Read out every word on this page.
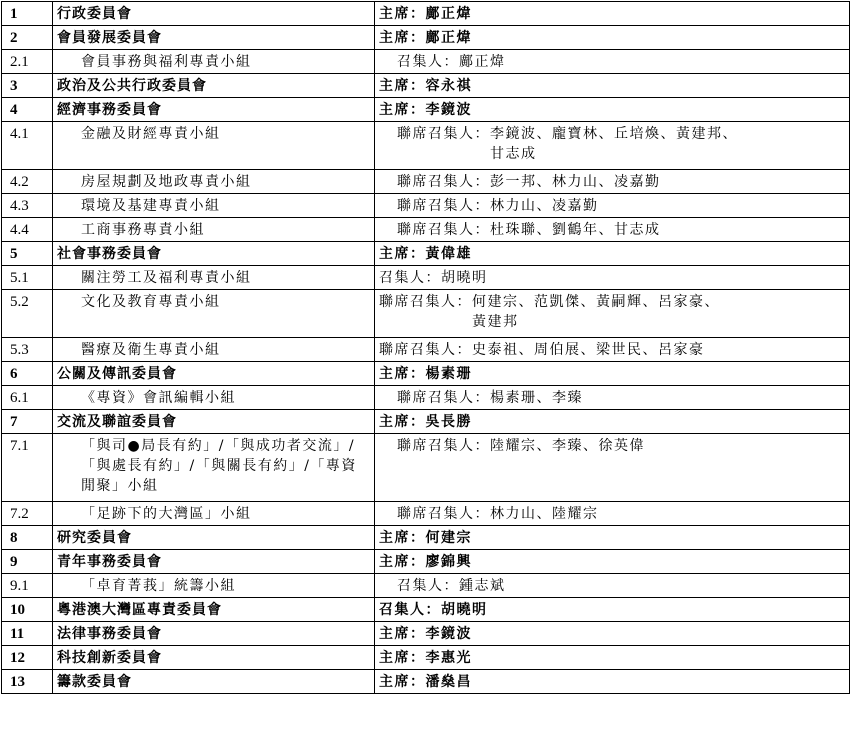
1	行政委員會	主席：鄺正煒
2	會員發展委員會	主席：鄺正煒
2.1	會員事務與福利專責小組	召集人：鄺正煒
3	政治及公共行政委員會	主席：容永祺
4	經濟事務委員會	主席：李鏡波
4.1	金融及財經專責小組	聯席召集人：李鏡波、龐寶林、丘培煥、黃建邦、
甘志成
4.2	房屋規劃及地政專責小組	聯席召集人：彭一邦、林力山、凌嘉勤
4.3	環境及基建專責小組	聯席召集人：林力山、凌嘉勤
4.4	工商事務專責小組	聯席召集人：杜珠聯、劉鶴年、甘志成
5	社會事務委員會	主席：黃偉雄
5.1	關注勞工及福利專責小組	召集人：胡曉明
5.2	文化及教育專責小組	聯席召集人：何建宗、范凱傑、黃嗣輝、呂家豪、
黃建邦
5.3	醫療及衛生專責小組	聯席召集人：史泰祖、周伯展、梁世民、呂家豪
6	公關及傳訊委員會	主席：楊素珊
6.1	《專資》會訊編輯小組	聯席召集人：楊素珊、李臻
7	交流及聯誼委員會	主席：吳長勝
7.1	「與司●局長有約」/「與成功者交流」/「與處長有約」/「與關長有約」/「專資閒聚」小組	聯席召集人：陸耀宗、李臻、徐英偉
7.2	「足跡下的大灣區」小組	聯席召集人：林力山、陸耀宗
8	研究委員會	主席：何建宗
9	青年事務委員會	主席：廖錦興
9.1	「卓育菁莪」統籌小組	召集人：鍾志斌
10	粵港澳大灣區專責委員會	召集人：胡曉明
11	法律事務委員會	主席：李鏡波
12	科技創新委員會	主席：李惠光
13	籌款委員會	主席：潘燊昌
